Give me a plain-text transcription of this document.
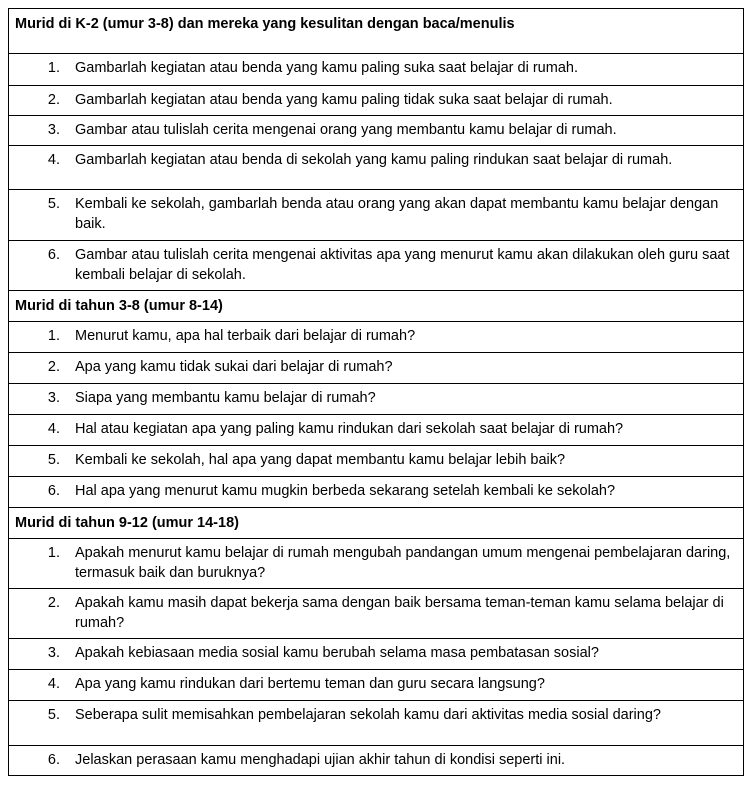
Murid di K-2 (umur 3-8) dan mereka yang kesulitan dengan baca/menulis
1.	Gambarlah kegiatan atau benda yang kamu paling suka saat belajar di rumah.
2.	Gambarlah kegiatan atau benda yang kamu paling tidak suka saat belajar di rumah.
3.	Gambar atau tulislah cerita mengenai orang yang membantu kamu belajar di rumah.
4.	Gambarlah kegiatan atau benda di sekolah yang kamu paling rindukan saat belajar di rumah.
5.	Kembali ke sekolah, gambarlah benda atau orang yang akan dapat membantu kamu belajar dengan baik.
6.	Gambar atau tulislah cerita mengenai aktivitas apa yang menurut kamu akan dilakukan oleh guru saat kembali belajar di sekolah.
Murid di tahun 3-8 (umur 8-14)
1.	Menurut kamu, apa hal terbaik dari belajar di rumah?
2.	Apa yang kamu tidak sukai dari belajar di rumah?
3.	Siapa yang membantu kamu belajar di rumah?
4.	Hal atau kegiatan apa yang paling kamu rindukan dari sekolah saat belajar di rumah?
5.	Kembali ke sekolah, hal apa yang dapat membantu kamu belajar lebih baik?
6.	Hal apa yang menurut kamu mugkin berbeda sekarang setelah kembali ke sekolah?
Murid di tahun 9-12 (umur 14-18)
1.	Apakah menurut kamu belajar di rumah mengubah pandangan umum mengenai pembelajaran daring, termasuk baik dan buruknya?
2.	Apakah kamu masih dapat bekerja sama dengan baik bersama teman-teman kamu selama belajar di rumah?
3.	Apakah kebiasaan media sosial kamu berubah selama masa pembatasan sosial?
4.	Apa yang kamu rindukan dari bertemu teman dan guru secara langsung?
5.	Seberapa sulit memisahkan pembelajaran sekolah kamu dari aktivitas media sosial daring?
6.	Jelaskan perasaan kamu menghadapi ujian akhir tahun di kondisi seperti ini.
